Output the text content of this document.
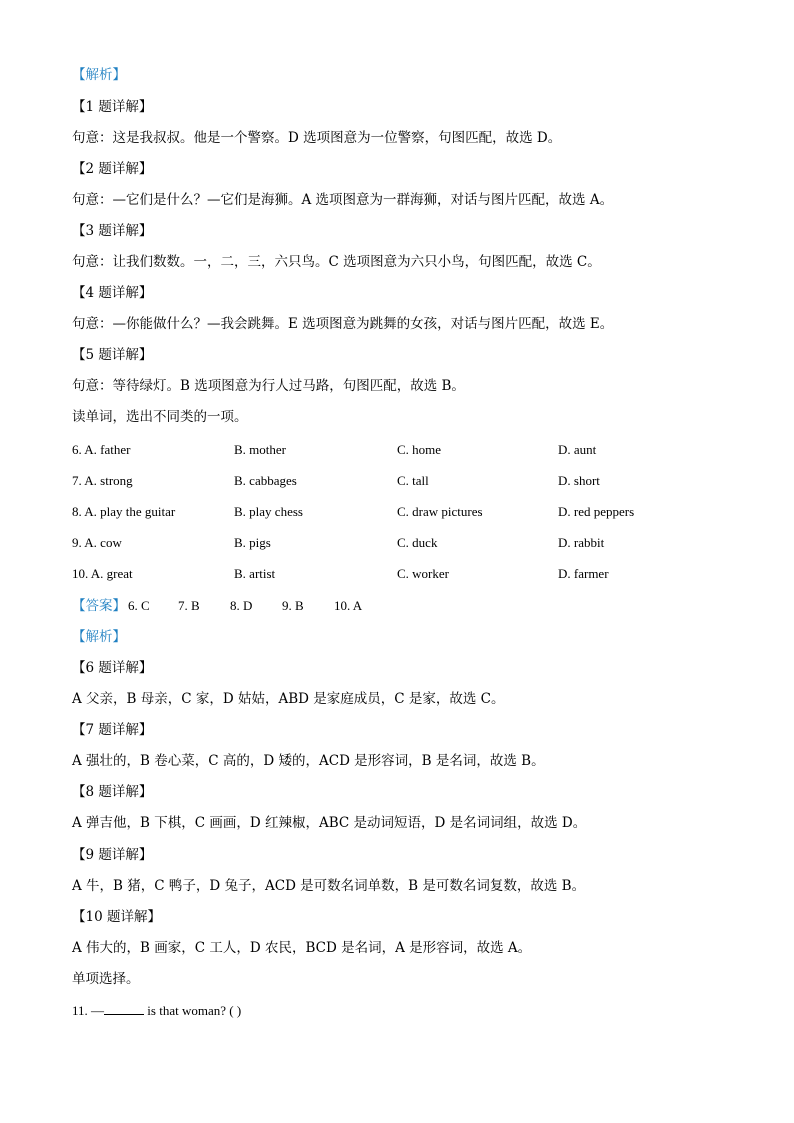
【解析】
【1 题详解】
句意：这是我叔叔。他是一个警察。D 选项图意为一位警察，句图匹配，故选 D。
【2 题详解】
句意：—它们是什么？—它们是海狮。A 选项图意为一群海狮，对话与图片匹配，故选 A。
【3 题详解】
句意：让我们数数。一，二，三，六只鸟。C 选项图意为六只小鸟，句图匹配，故选 C。
【4 题详解】
句意：—你能做什么？—我会跳舞。E 选项图意为跳舞的女孩，对话与图片匹配，故选 E。
【5 题详解】
句意：等待绿灯。B 选项图意为行人过马路，句图匹配，故选 B。
读单词，选出不同类的一项。
6. A. father	B. mother	C. home	D. aunt
7. A. strong	B. cabbages	C. tall	D. short
8. A. play the guitar	B. play chess	C. draw pictures	D. red peppers
9. A. cow	B. pigs	C. duck	D. rabbit
10. A. great	B. artist	C. worker	D. farmer
【答案】 6. C 7. B 8. D 9. B 10. A
【解析】
【6 题详解】
A 父亲，B 母亲，C 家，D 姑姑，ABD 是家庭成员，C 是家，故选 C。
【7 题详解】
A 强壮的，B 卷心菜，C 高的，D 矮的，ACD 是形容词，B 是名词，故选 B。
【8 题详解】
A 弹吉他，B 下棋，C 画画，D 红辣椒，ABC 是动词短语，D 是名词词组，故选 D。
【9 题详解】
A 牛，B 猪，C 鸭子，D 兔子，ACD 是可数名词单数，B 是可数名词复数，故选 B。
【10 题详解】
A 伟大的，B 画家，C 工人，D 农民，BCD 是名词，A 是形容词，故选 A。
单项选择。
11. —	is that woman? ( )
